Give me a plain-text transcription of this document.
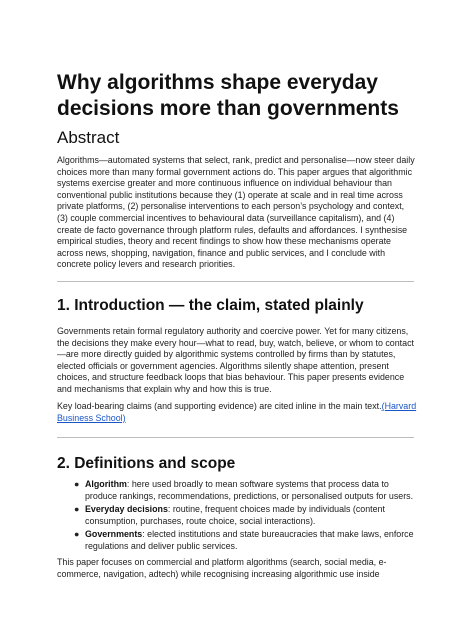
Why algorithms shape everyday decisions more than governments
Abstract

Algorithms—automated systems that select, rank, predict and personalise—now steer daily choices more than many formal government actions do. This paper argues that algorithmic systems exercise greater and more continuous influence on individual behaviour than conventional public institutions because they (1) operate at scale and in real time across private platforms, (2) personalise interventions to each person’s psychology and context, (3) couple commercial incentives to behavioural data (surveillance capitalism), and (4) create de facto governance through platform rules, defaults and affordances. I synthesise empirical studies, theory and recent findings to show how these mechanisms operate across news, shopping, navigation, finance and public services, and I conclude with concrete policy levers and research priorities.

1. Introduction — the claim, stated plainly

Governments retain formal regulatory authority and coercive power. Yet for many citizens, the decisions they make every hour—what to read, buy, watch, believe, or whom to contact—are more directly guided by algorithmic systems controlled by firms than by statutes, elected officials or government agencies. Algorithms silently shape attention, present choices, and structure feedback loops that bias behaviour. This paper presents evidence and mechanisms that explain why and how this is true.

Key load-bearing claims (and supporting evidence) are cited inline in the main text.(Harvard Business School)

2. Definitions and scope
● Algorithm: here used broadly to mean software systems that process data to produce rankings, recommendations, predictions, or personalised outputs for users.
● Everyday decisions: routine, frequent choices made by individuals (content consumption, purchases, route choice, social interactions).
● Governments: elected institutions and state bureaucracies that make laws, enforce regulations and deliver public services.

This paper focuses on commercial and platform algorithms (search, social media, e-commerce, navigation, adtech) while recognising increasing algorithmic use inside
